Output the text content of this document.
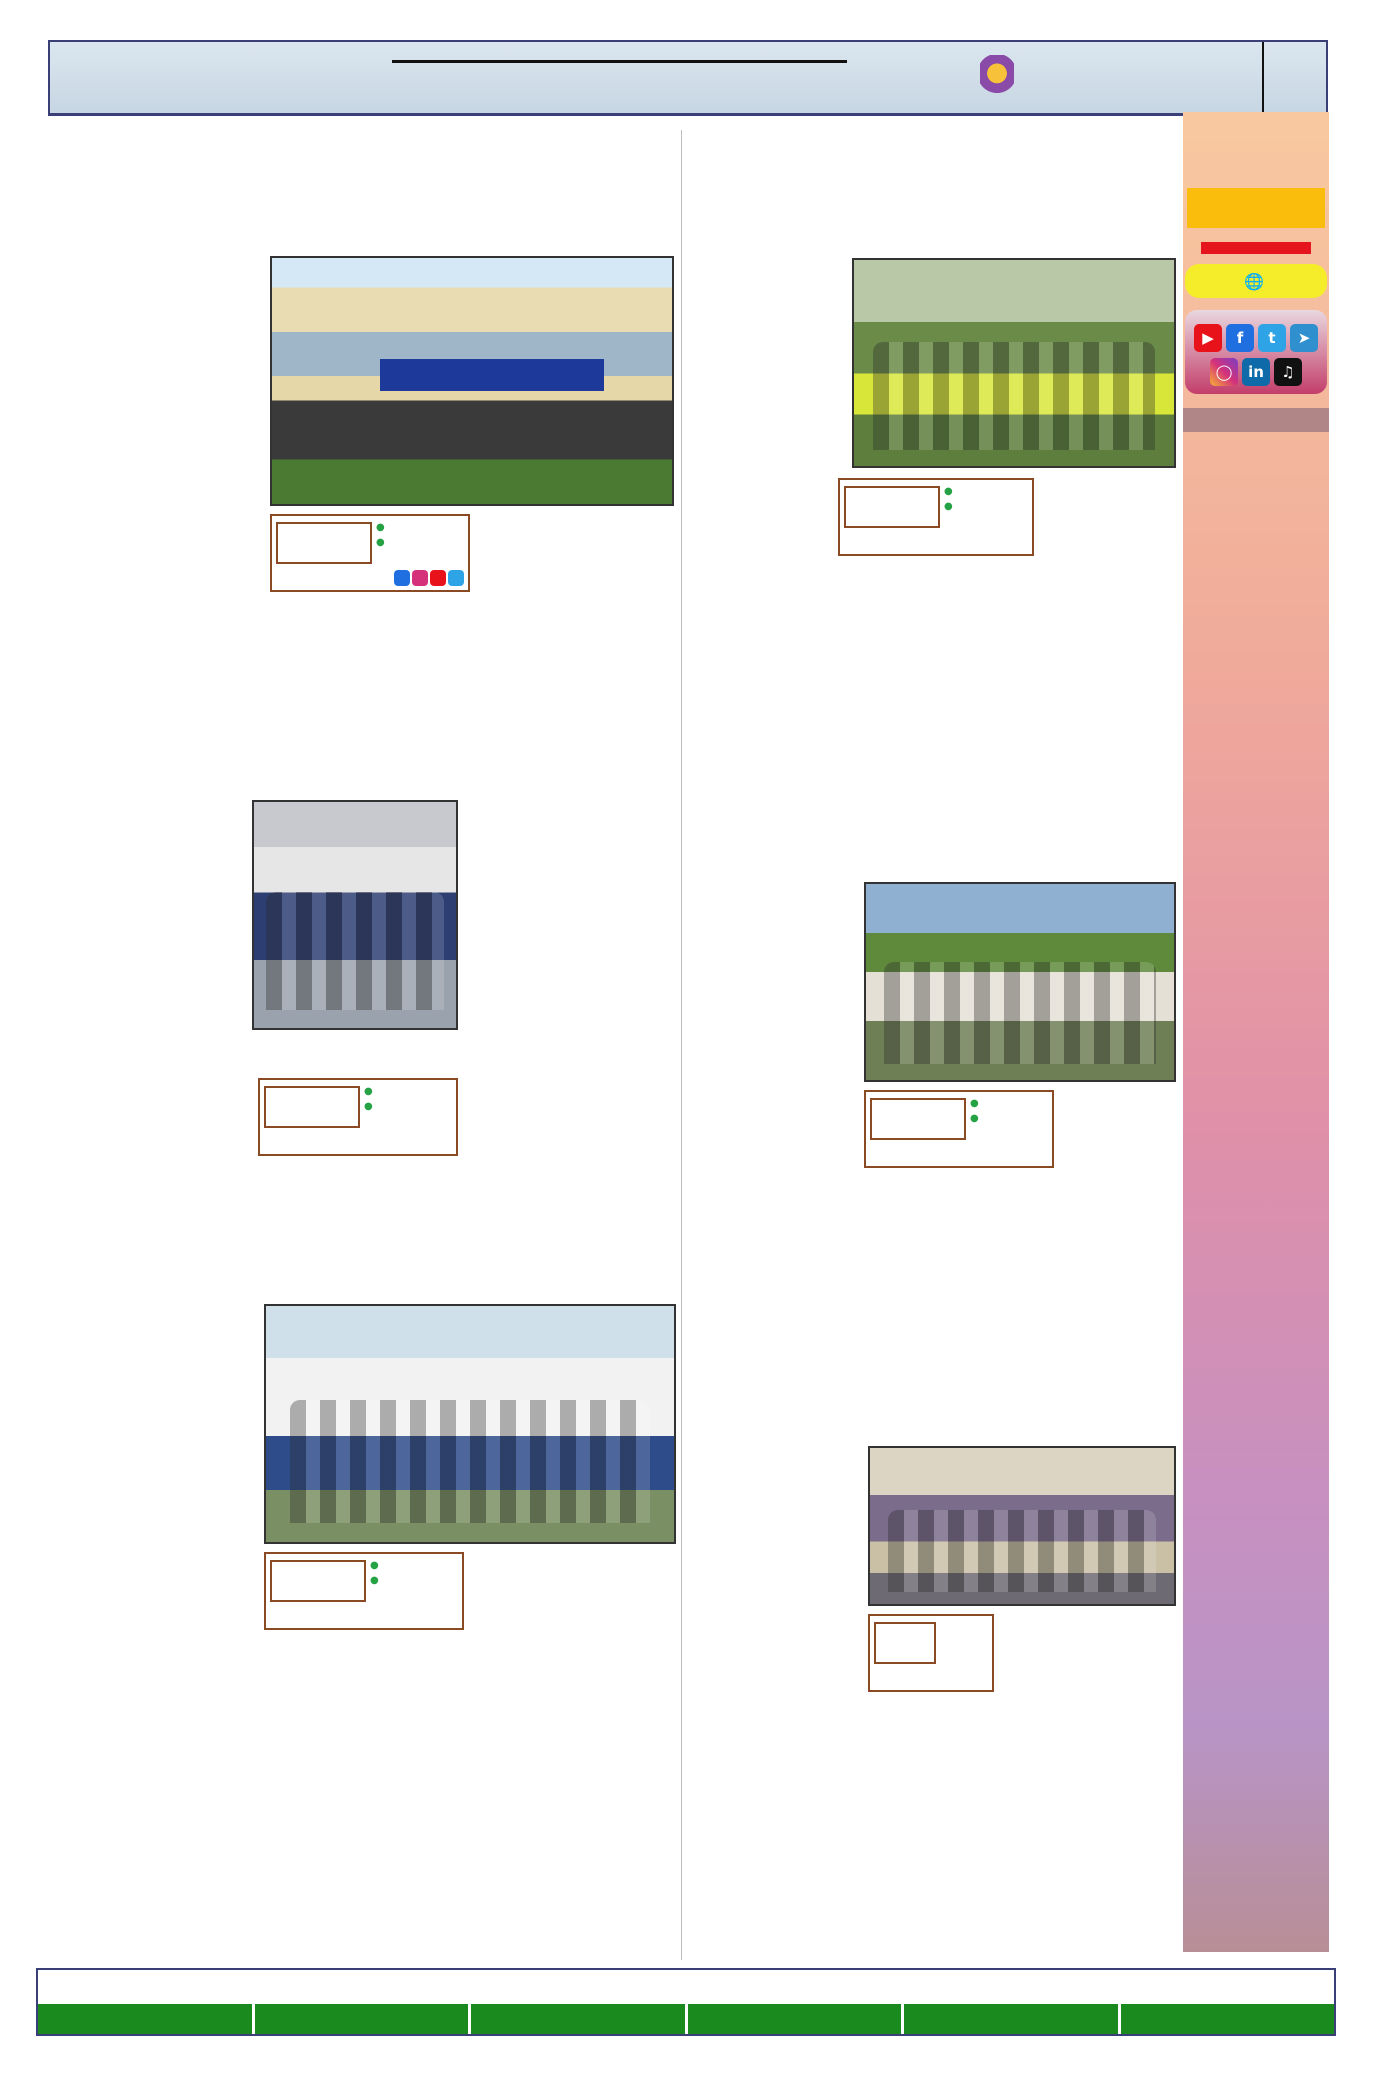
●
●
●
●
●
●
●
●
●
●
🌐
▶	f	t	➤
◯	in	♫
